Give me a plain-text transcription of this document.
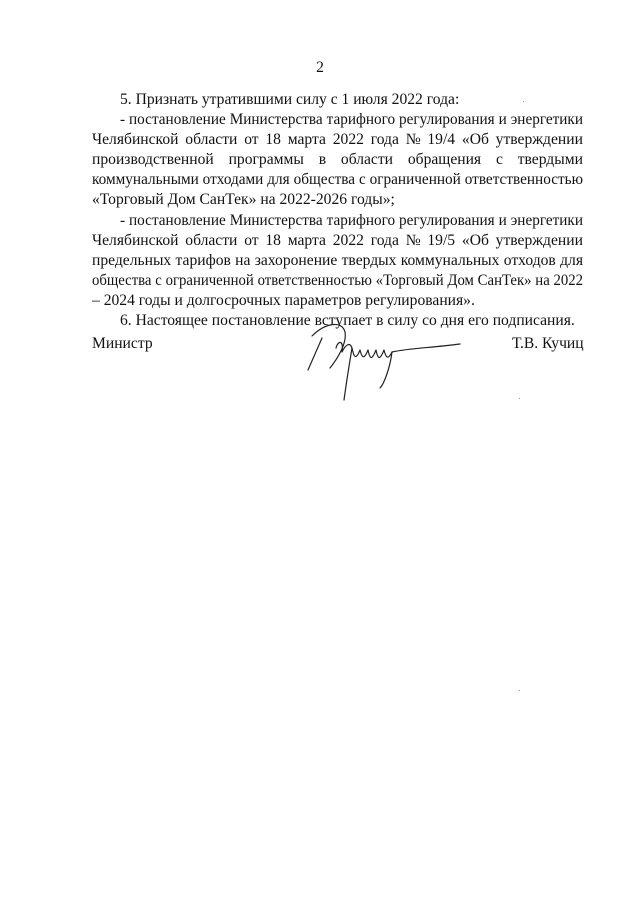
2
5. Признать утратившими силу с 1 июля 2022 года:
- постановление Министерства тарифного регулирования и энергетики
Челябинской области от 18 марта 2022 года № 19/4 «Об утверждении
производственной программы в области обращения с твердыми
коммунальными отходами для общества с ограниченной ответственностью
«Торговый Дом СанТек» на 2022-2026 годы»;
- постановление Министерства тарифного регулирования и энергетики
Челябинской области от 18 марта 2022 года № 19/5 «Об утверждении
предельных тарифов на захоронение твердых коммунальных отходов для
общества с ограниченной ответственностью «Торговый Дом СанТек» на 2022
– 2024 годы и долгосрочных параметров регулирования».
6. Настоящее постановление вступает в силу со дня его подписания.
Министр	Т.В. Кучиц
